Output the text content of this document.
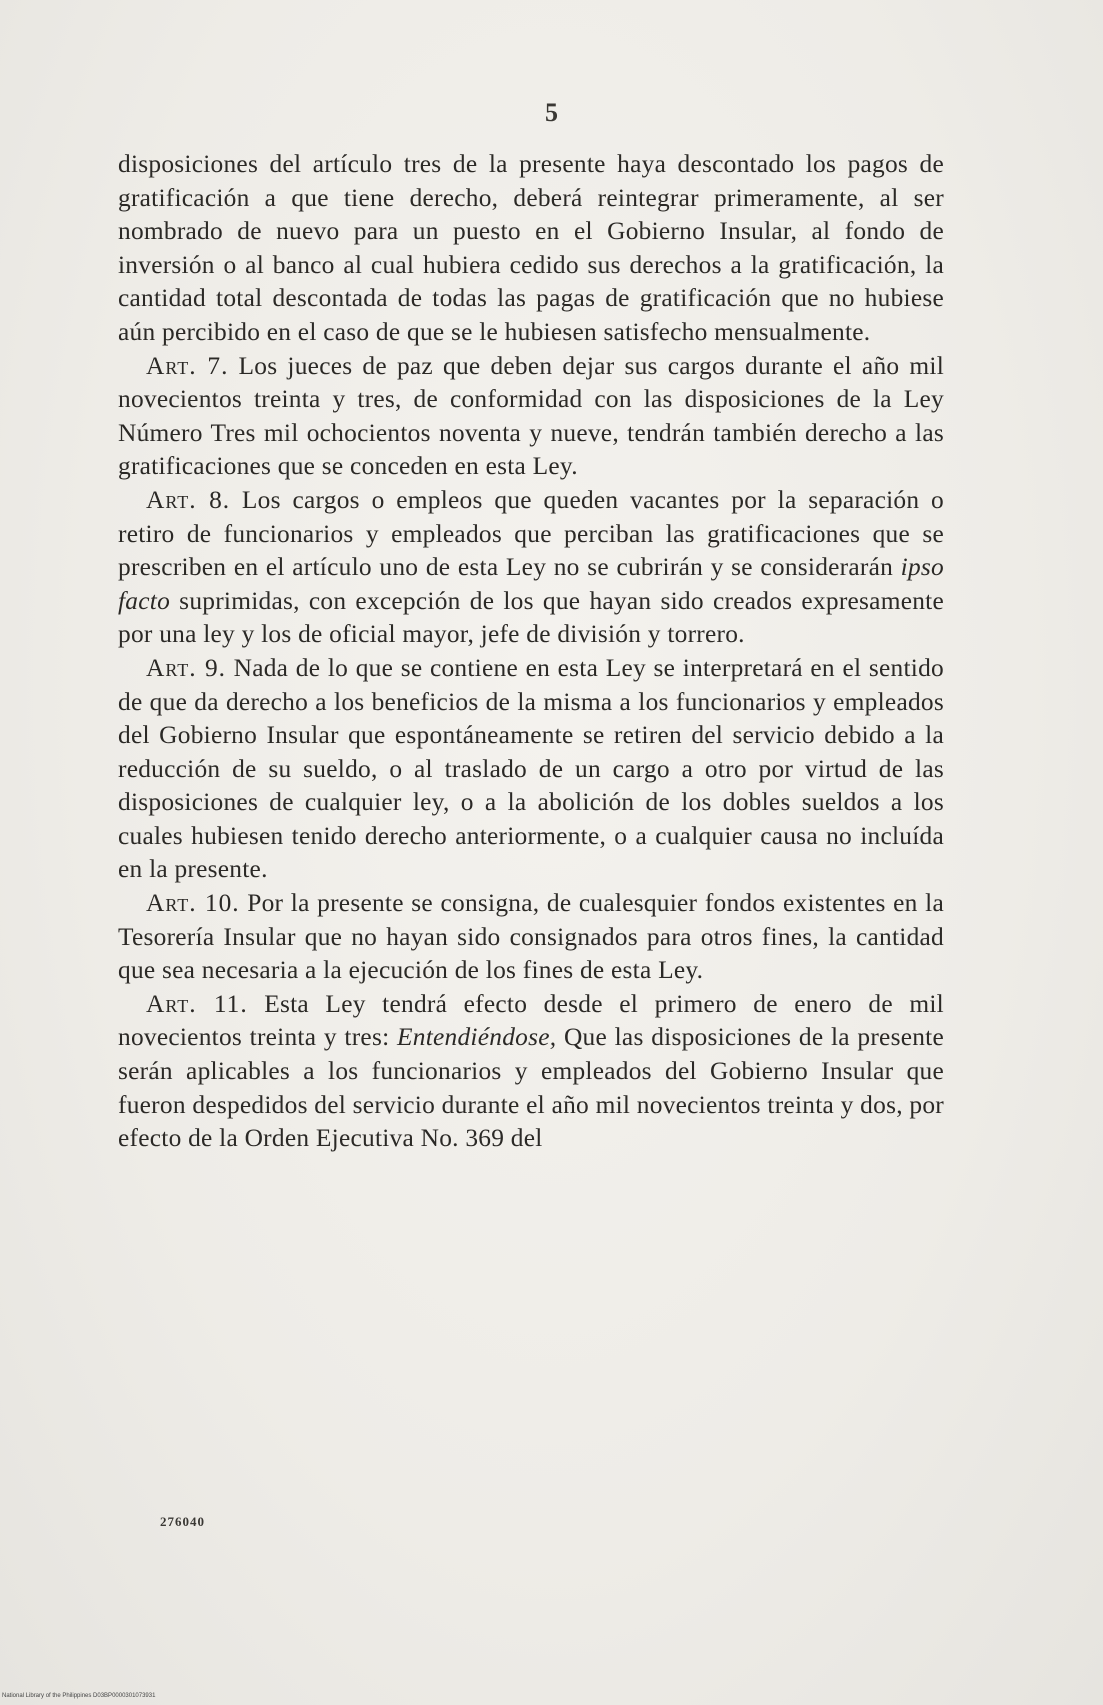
5

disposiciones del artículo tres de la presente haya descontado los pagos de gratificación a que tiene derecho, deberá reintegrar primeramente, al ser nombrado de nuevo para un puesto en el Gobierno Insular, al fondo de inversión o al banco al cual hubiera cedido sus derechos a la gratificación, la cantidad total descontada de todas las pagas de gratificación que no hubiese aún percibido en el caso de que se le hubiesen satisfecho mensualmente.

Art. 7. Los jueces de paz que deben dejar sus cargos durante el año mil novecientos treinta y tres, de conformidad con las disposiciones de la Ley Número Tres mil ochocientos noventa y nueve, tendrán también derecho a las gratificaciones que se conceden en esta Ley.

Art. 8. Los cargos o empleos que queden vacantes por la separación o retiro de funcionarios y empleados que perciban las gratificaciones que se prescriben en el artículo uno de esta Ley no se cubrirán y se considerarán ipso facto suprimidas, con excepción de los que hayan sido creados expresamente por una ley y los de oficial mayor, jefe de división y torrero.

Art. 9. Nada de lo que se contiene en esta Ley se interpretará en el sentido de que da derecho a los beneficios de la misma a los funcionarios y empleados del Gobierno Insular que espontáneamente se retiren del servicio debido a la reducción de su sueldo, o al traslado de un cargo a otro por virtud de las disposiciones de cualquier ley, o a la abolición de los dobles sueldos a los cuales hubiesen tenido derecho anteriormente, o a cualquier causa no incluída en la presente.

Art. 10. Por la presente se consigna, de cualesquier fondos existentes en la Tesorería Insular que no hayan sido consignados para otros fines, la cantidad que sea necesaria a la ejecución de los fines de esta Ley.

Art. 11. Esta Ley tendrá efecto desde el primero de enero de mil novecientos treinta y tres: Entendiéndose, Que las disposiciones de la presente serán aplicables a los funcionarios y empleados del Gobierno Insular que fueron despedidos del servicio durante el año mil novecientos treinta y dos, por efecto de la Orden Ejecutiva No. 369 del

276040
National Library of the Philippines D03BP0000301073931
